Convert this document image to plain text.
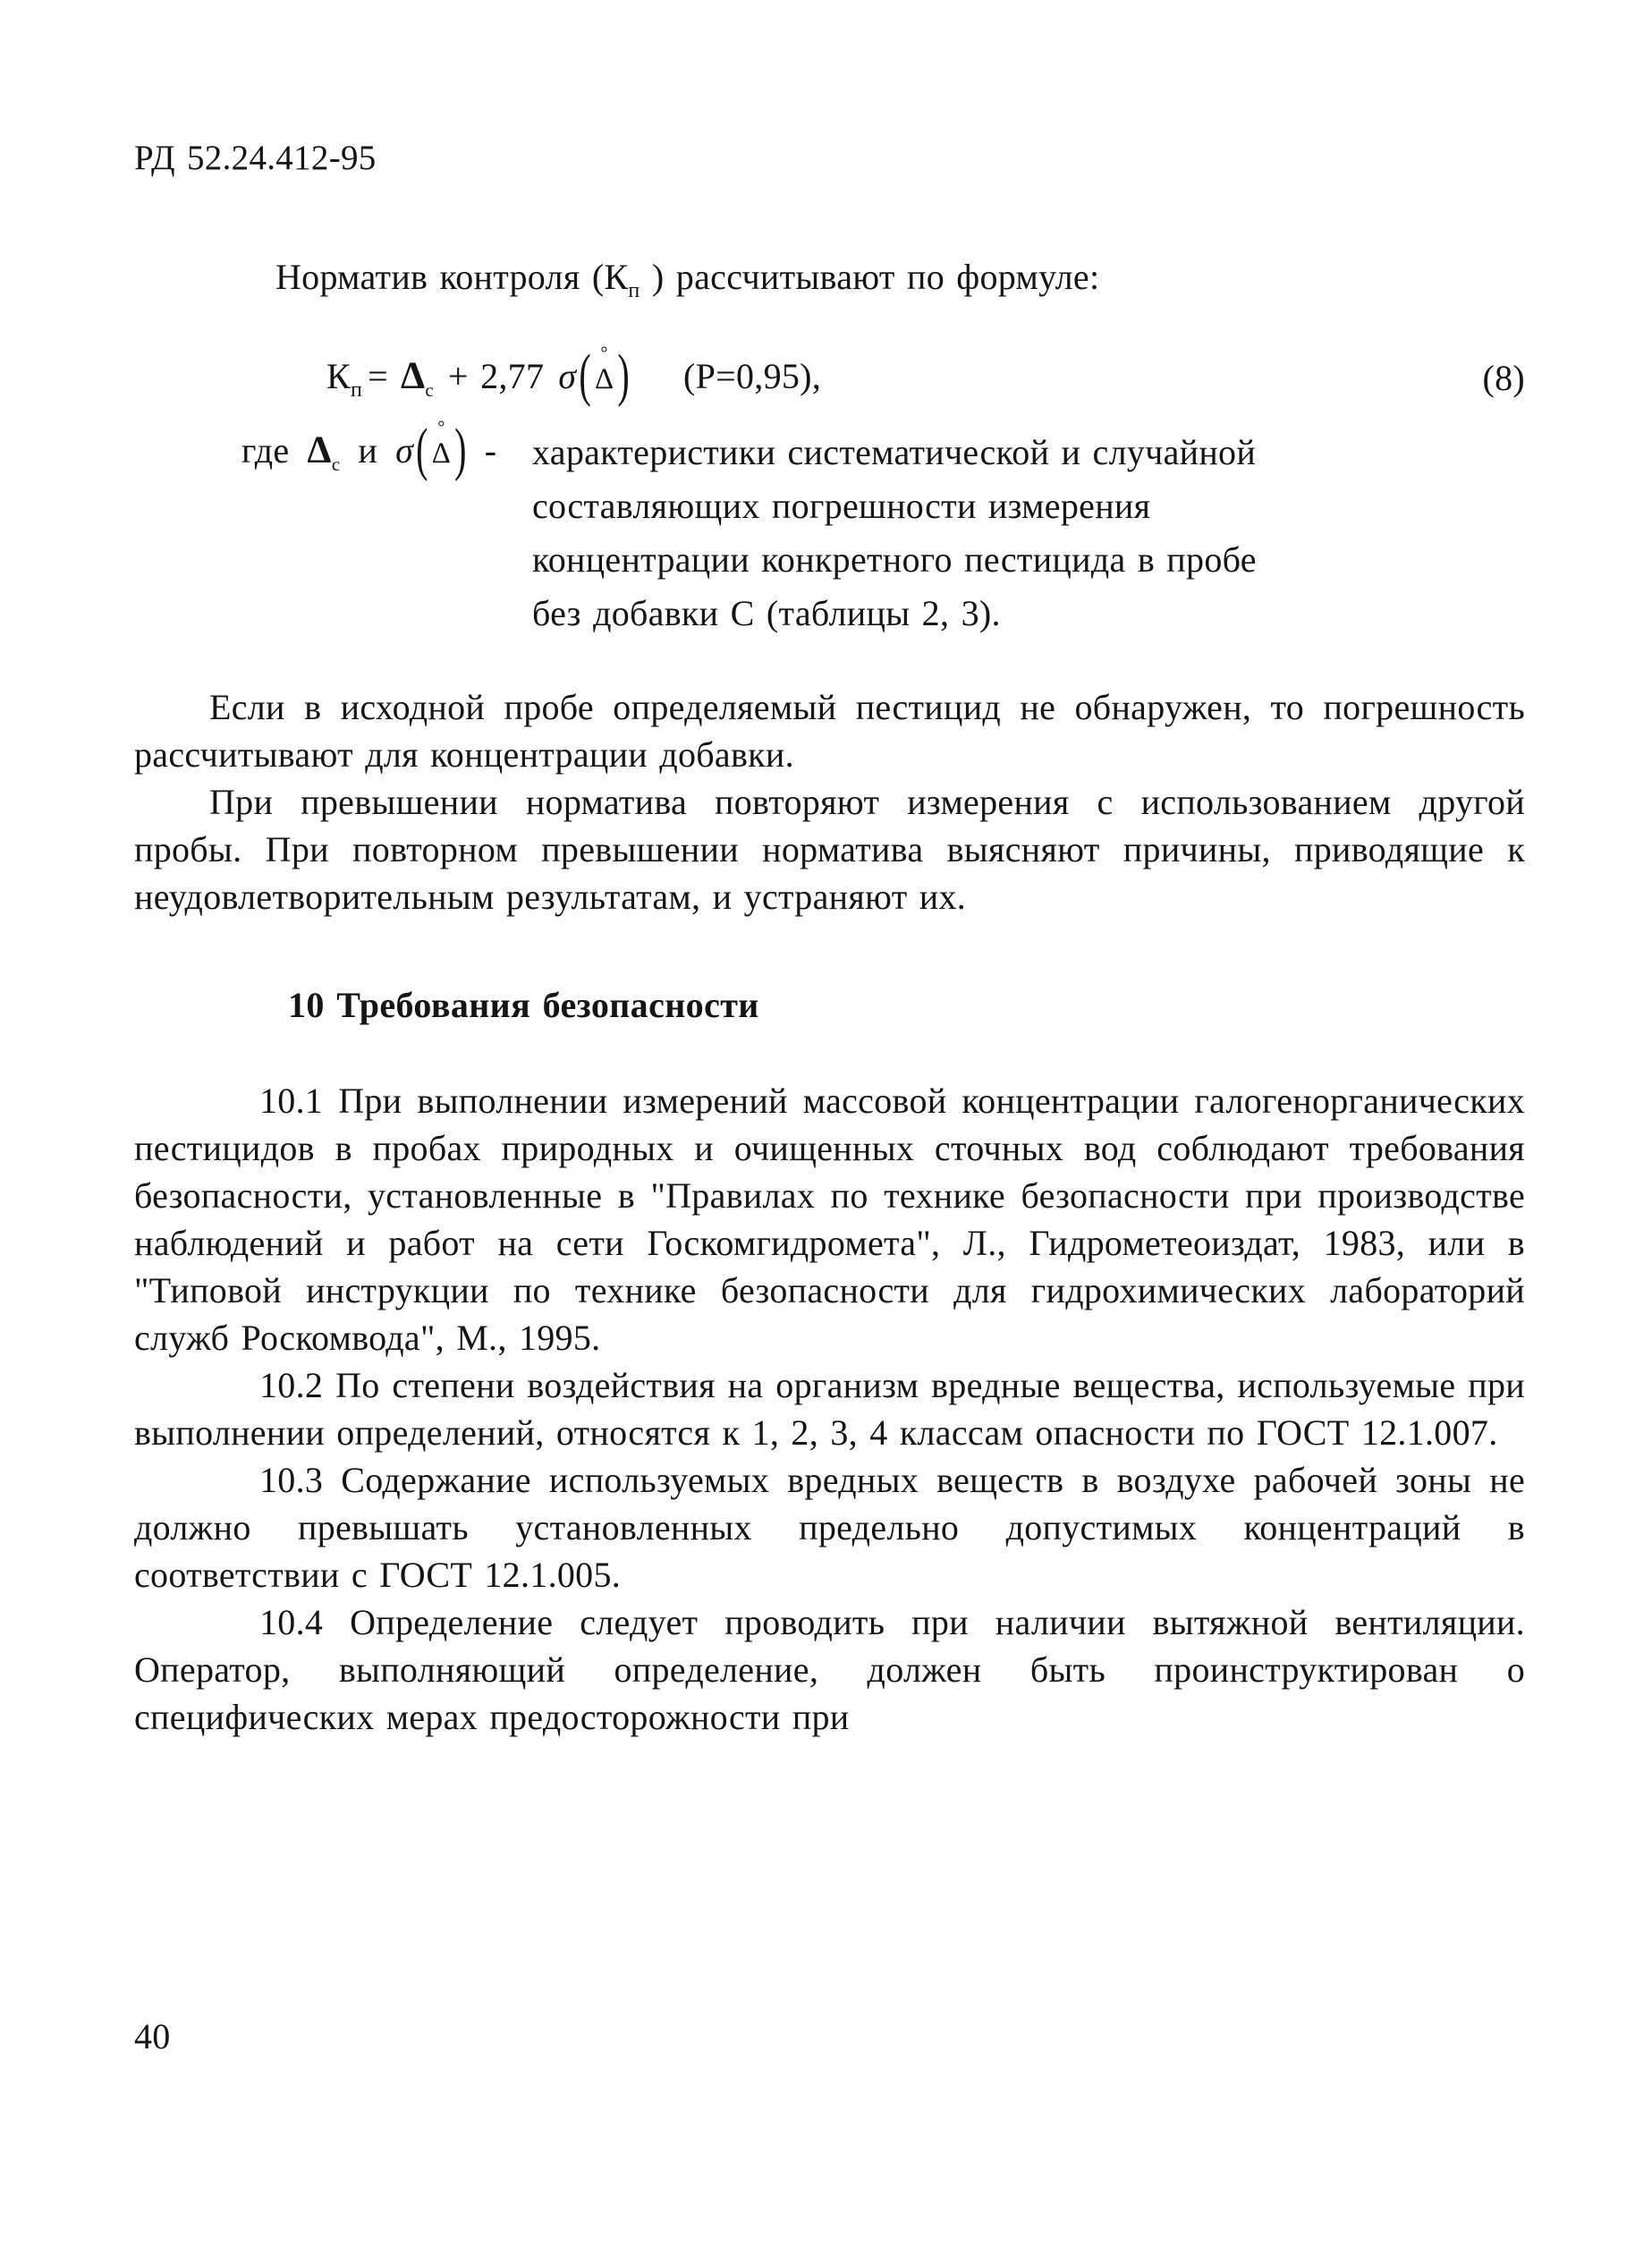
РД 52.24.412-95

Норматив контроля ($К_п$ ) рассчитывают по формуле:

$К_п = \Delta_с + 2,77$ σ( °
Δ ) (Р=0,95),	(8)
где $\Delta_с$ и σ( °
Δ ) - характеристики систематической и случайной
составляющих погрешности измерения
концентрации конкретного пестицида в пробе
без добавки С (таблицы 2, 3).

Если в исходной пробе определяемый пестицид не обнаружен, то погрешность рассчитывают для концентрации добавки.

При превышении норматива повторяют измерения с использованием другой пробы. При повторном превышении норматива выясняют причины, приводящие к неудовлетворительным результатам, и устраняют их.

10 Требования безопасности

10.1 При выполнении измерений массовой концентрации галогенорганических пестицидов в пробах природных и очищенных сточных вод соблюдают требования безопасности, установленные в "Правилах по технике безопасности при производстве наблюдений и работ на сети Госкомгидромета", Л., Гидрометеоиздат, 1983, или в "Типовой инструкции по технике безопасности для гидрохимических лабораторий служб Роскомвода", М., 1995.

10.2 По степени воздействия на организм вредные вещества, используемые при выполнении определений, относятся к 1, 2, 3, 4 классам опасности по ГОСТ 12.1.007.

10.3 Содержание используемых вредных веществ в воздухе рабочей зоны не должно превышать установленных предельно допустимых концентраций в соответствии с ГОСТ 12.1.005.

10.4 Определение следует проводить при наличии вытяжной вентиляции. Оператор, выполняющий определение, должен быть проинструктирован о специфических мерах предосторожности при

40
